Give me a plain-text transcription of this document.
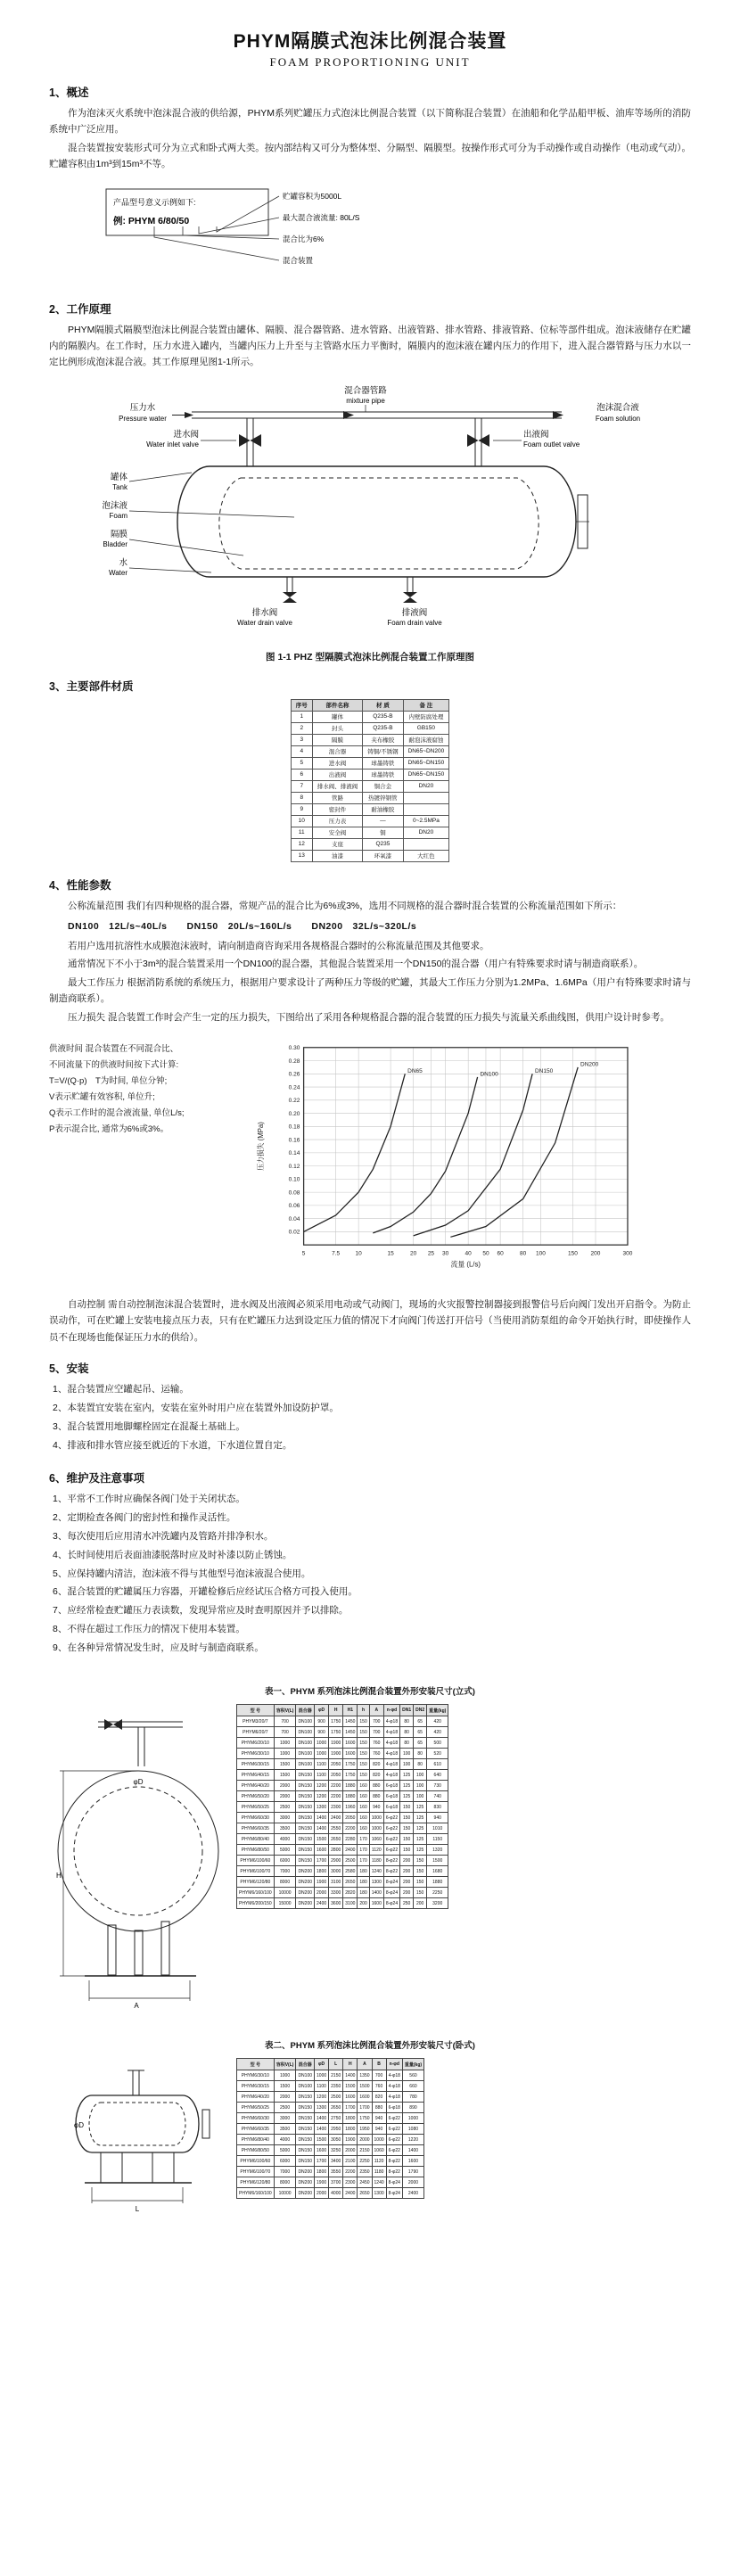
PHYM隔膜式泡沫比例混合装置
FOAM PROPORTIONING UNIT
1、概述
作为泡沫灭火系统中泡沫混合液的供给源，PHYM系列贮罐压力式泡沫比例混合装置（以下简称混合装置）在油船和化学品船甲板、油库等场所的消防系统中广泛应用。
混合装置按安装形式可分为立式和卧式两大类。按内部结构又可分为整体型、分隔型、隔膜型。按操作形式可分为手动操作或自动操作（电动或气动）。贮罐容积由1m³到15m³不等。
产品型号意义示例如下:
例: PHYM 6/80/50
贮罐容积为5000L
最大混合液流量: 80L/S
混合比为6%
混合装置
2、工作原理
PHYM隔膜式隔膜型泡沫比例混合装置由罐体、隔膜、混合器管路、进水管路、出液管路、排水管路、排液管路、位标等部件组成。泡沫液储存在贮罐内的隔膜内。在工作时，压力水进入罐内，当罐内压力上升至与主管路水压力平衡时，隔膜内的泡沫液在罐内压力的作用下，进入混合器管路与压力水以一定比例形成泡沫混合液。其工作原理见图1-1所示。
压力水
Pressure water
混合器管路
mixture pipe
泡沫混合液
Foam solution
进水阀
Water inlet valve
出液阀
Foam outlet valve
罐体
Tank
泡沫液
Foam
隔膜
Bladder
水
Water
排水阀
Water drain valve
排液阀
Foam drain valve
图 1-1 PHZ 型隔膜式泡沫比例混合装置工作原理图
3、主要部件材质
序号	部件名称	材 质	备 注
1	罐体	Q235-B	内壁防腐处理
2	封头	Q235-B	GB150
3	隔膜	夹布橡胶	耐泡沫液腐蚀
4	混合器	铸铜/不锈钢	DN65~DN200
5	进水阀	球墨铸铁	DN65~DN150
6	出液阀	球墨铸铁	DN65~DN150
7	排水阀、排液阀	铜合金	DN20
8	管路	热镀锌钢管	
9	密封件	耐油橡胶	
10	压力表	—	0~2.5MPa
11	安全阀	铜	DN20
12	支座	Q235	
13	油漆	环氧漆	大红色
4、性能参数
公称流量范围 我们有四种规格的混合器，常规产品的混合比为6%或3%，选用不同规格的混合器时混合装置的公称流量范围如下所示：
DN100　12L/s~40L/s　　DN150　20L/s~160L/s　　DN200　32L/s~320L/s
若用户选用抗溶性水成膜泡沫液时，请向制造商咨询采用各规格混合器时的公称流量范围及其他要求。
通常情况下不小于3m³的混合装置采用一个DN100的混合器，其他混合装置采用一个DN150的混合器（用户有特殊要求时请与制造商联系）。
最大工作压力 根据消防系统的系统压力，根据用户要求设计了两种压力等级的贮罐，其最大工作压力分别为1.2MPa、1.6MPa（用户有特殊要求时请与制造商联系）。
压力损失 混合装置工作时会产生一定的压力损失，下图给出了采用各种规格混合器的混合装置的压力损失与流量关系曲线图，供用户设计时参考。
供液时间 混合装置在不同混合比、
不同流量下的供液时间按下式计算:
T=V/(Q·p)　T为时间, 单位分钟;
V表示贮罐有效容积, 单位升;
Q表示工作时的混合液流量, 单位L/s;
P表示混合比, 通常为6%或3%。
5	7.5	10	15	20	25 30	40	50 60	80 100	150	200	300
0.02
0.04
0.06
0.08
0.10
0.12
0.14
0.16
0.18
0.20
0.22
0.24
0.26
0.28
0.30
DN65
DN100
DN150
DN200
压力损失 (MPa)
流量 (L/s)
自动控制 需自动控制泡沫混合装置时，进水阀及出液阀必须采用电动或气动阀门，现场的火灾报警控制器接到报警信号后向阀门发出开启指令。为防止误动作，可在贮罐上安装电接点压力表，只有在贮罐压力达到设定压力值的情况下才向阀门传送打开信号（当使用消防泵组的命令开始执行时，即使操作人员不在现场也能保证压力水的供给）。
5、安装
1、混合装置应空罐起吊、运输。
2、本装置宜安装在室内，安装在室外时用户应在装置外加设防护罩。
3、混合装置用地脚螺栓固定在混凝土基础上。
4、排液和排水管应接至就近的下水道，下水道位置自定。
6、维护及注意事项
1、平常不工作时应确保各阀门处于关闭状态。
2、定期检查各阀门的密封性和操作灵活性。
3、每次使用后应用清水冲洗罐内及管路并排净积水。
4、长时间使用后表面油漆脱落时应及时补漆以防止锈蚀。
5、应保持罐内清洁，泡沫液不得与其他型号泡沫液混合使用。
6、混合装置的贮罐属压力容器，开罐检修后应经试压合格方可投入使用。
7、应经常检查贮罐压力表读数，发现异常应及时查明原因并予以排除。
8、不得在超过工作压力的情况下使用本装置。
9、在各种异常情况发生时，应及时与制造商联系。
表一、PHYM 系列泡沫比例混合装置外形安装尺寸(立式)
H
A
φD
型 号	容积V(L)	混合器	φD	H	H1	h	A	n-φd	DN1	DN2	重量(kg)
PHYM3/20/7	700	DN100	900	1750	1450	150	700	4-φ18	80	65	420
PHYM6/20/7	700	DN100	900	1750	1450	150	700	4-φ18	80	65	420
PHYM6/20/10	1000	DN100	1000	1900	1600	150	760	4-φ18	80	65	500
PHYM6/30/10	1000	DN100	1000	1900	1600	150	760	4-φ18	100	80	520
PHYM6/30/15	1500	DN100	1100	2050	1750	150	820	4-φ18	100	80	610
PHYM6/40/15	1500	DN150	1100	2050	1750	150	820	4-φ18	125	100	640
PHYM6/40/20	2000	DN150	1200	2200	1880	160	880	6-φ18	125	100	730
PHYM6/50/20	2000	DN150	1200	2200	1880	160	880	6-φ18	125	100	740
PHYM6/50/25	2500	DN150	1300	2300	1960	160	940	6-φ18	150	125	830
PHYM6/60/30	3000	DN150	1400	2400	2050	160	1000	6-φ22	150	125	940
PHYM6/60/35	3500	DN150	1400	2550	2200	160	1000	6-φ22	150	125	1010
PHYM6/80/40	4000	DN150	1500	2650	2280	170	1060	6-φ22	150	125	1150
PHYM6/80/50	5000	DN150	1600	2800	2400	170	1120	6-φ22	150	125	1320
PHYM6/100/60	6000	DN150	1700	2900	2500	170	1180	8-φ22	200	150	1500
PHYM6/100/70	7000	DN200	1800	3000	2580	180	1240	8-φ22	200	150	1680
PHYM6/120/80	8000	DN200	1900	3100	2650	180	1300	8-φ24	200	150	1880
PHYM6/160/100	10000	DN200	2000	3300	2820	180	1400	8-φ24	200	150	2250
PHYM6/200/150	15000	DN200	2400	3600	3100	200	1600	8-φ24	250	200	3200
表二、PHYM 系列泡沫比例混合装置外形安装尺寸(卧式)
L
φD
型 号	容积V(L)	混合器	φD	L	H	A	B	n-φd	重量(kg)
PHYM6/30/10	1000	DN100	1000	2150	1400	1350	700	4-φ18	560
PHYM6/30/15	1500	DN100	1100	2350	1500	1500	760	4-φ18	660
PHYM6/40/20	2000	DN150	1200	2500	1600	1600	820	4-φ18	780
PHYM6/50/25	2500	DN150	1300	2650	1700	1700	880	6-φ18	890
PHYM6/60/30	3000	DN150	1400	2750	1800	1750	940	6-φ22	1000
PHYM6/60/35	3500	DN150	1400	2950	1800	1950	940	6-φ22	1080
PHYM6/80/40	4000	DN150	1500	3050	1900	2000	1000	6-φ22	1220
PHYM6/80/50	5000	DN150	1600	3250	2000	2150	1060	6-φ22	1400
PHYM6/100/60	6000	DN150	1700	3400	2100	2250	1120	8-φ22	1600
PHYM6/100/70	7000	DN200	1800	3550	2200	2350	1180	8-φ22	1790
PHYM6/120/80	8000	DN200	1900	3700	2300	2450	1240	8-φ24	2000
PHYM6/160/100	10000	DN200	2000	4000	2400	2650	1300	8-φ24	2400
